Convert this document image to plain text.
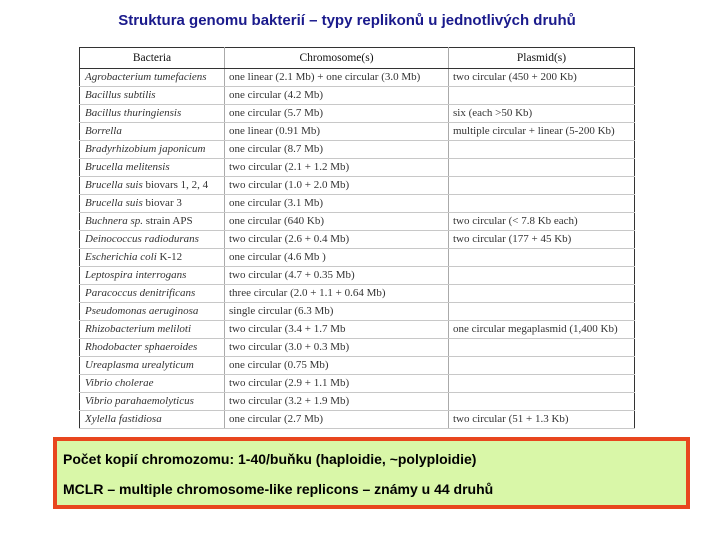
Struktura genomu bakterií – typy replikonů u jednotlivých druhů
Bacteria	Chromosome(s)	Plasmid(s)
Agrobacterium tumefaciens	one linear (2.1 Mb) + one circular (3.0 Mb)	two circular (450 + 200 Kb)
Bacillus subtilis	one circular (4.2 Mb)	
Bacillus thuringiensis	one circular (5.7 Mb)	six (each >50 Kb)
Borrella	one linear (0.91 Mb)	multiple circular + linear (5-200 Kb)
Bradyrhizobium japonicum	one circular (8.7 Mb)	
Brucella melitensis	two circular (2.1 + 1.2 Mb)	
Brucella suis biovars 1, 2, 4	two circular (1.0 + 2.0 Mb)	
Brucella suis biovar 3	one circular (3.1 Mb)	
Buchnera sp. strain APS	one circular (640 Kb)	two circular (< 7.8 Kb each)
Deinococcus radiodurans	two circular (2.6 + 0.4 Mb)	two circular (177 + 45 Kb)
Escherichia coli K-12	one circular (4.6 Mb )	
Leptospira interrogans	two circular (4.7 + 0.35 Mb)	
Paracoccus denitrificans	three circular (2.0 + 1.1 + 0.64 Mb)	
Pseudomonas aeruginosa	single circular (6.3 Mb)	
Rhizobacterium meliloti	two circular (3.4 + 1.7 Mb	one circular megaplasmid (1,400 Kb)
Rhodobacter sphaeroides	two circular (3.0 + 0.3 Mb)	
Ureaplasma urealyticum	one circular (0.75 Mb)	
Vibrio cholerae	two circular (2.9 + 1.1 Mb)	
Vibrio parahaemolyticus	two circular (3.2 + 1.9 Mb)	
Xylella fastidiosa	one circular (2.7 Mb)	two circular (51 + 1.3 Kb)
Počet kopií chromozomu: 1-40/buňku (haploidie, ~polyploidie)
MCLR – multiple chromosome-like replicons – známy u 44 druhů
